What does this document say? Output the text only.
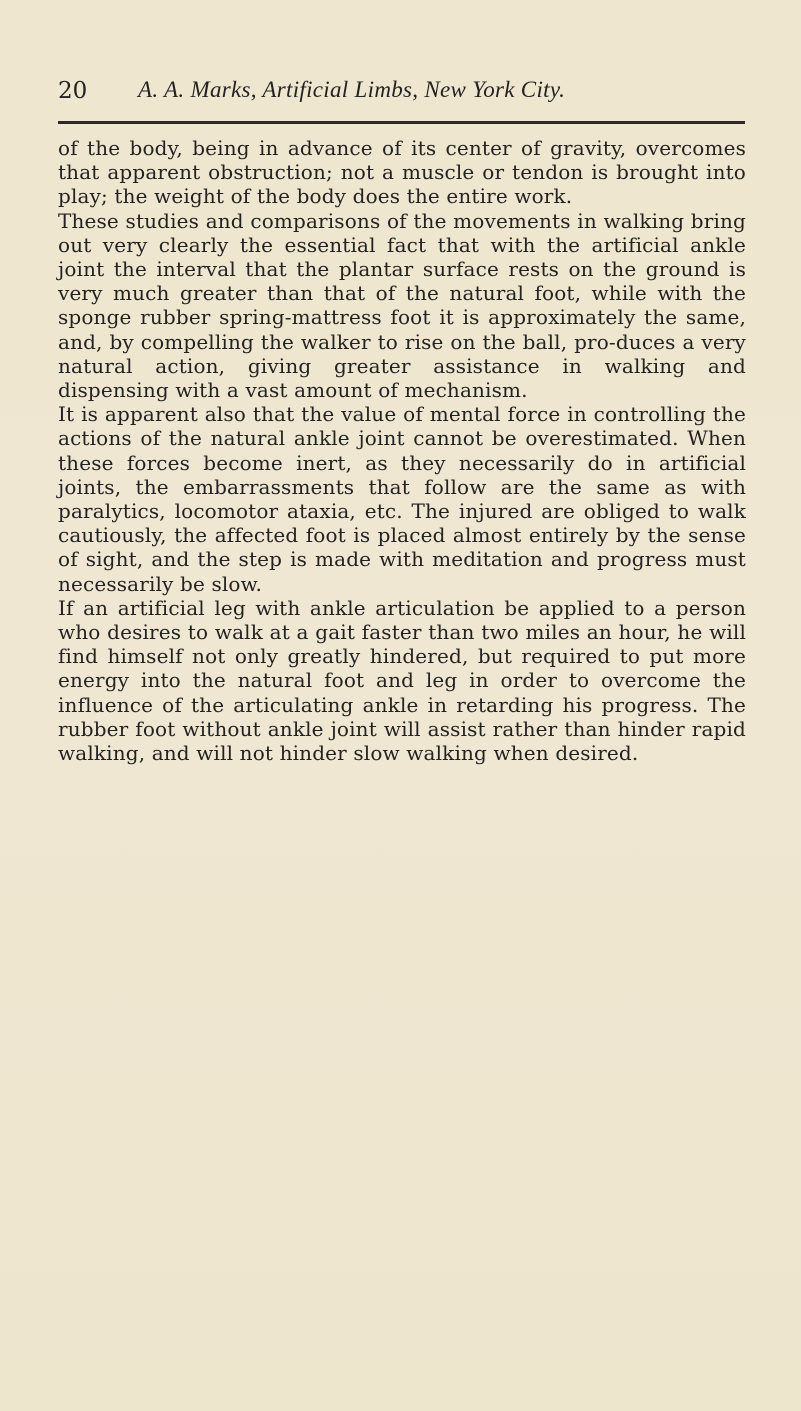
20 A. A. Marks, Artificial Limbs, New York City.

of the body, being in advance of its center of gravity, overcomes that apparent obstruction; not a muscle or tendon is brought into play; the weight of the body does the entire work.

These studies and comparisons of the movements in walking bring out very clearly the essential fact that with the artificial ankle joint the interval that the plantar surface rests on the ground is very much greater than that of the natural foot, while with the sponge rubber spring-mattress foot it is approximately the same, and, by compelling the walker to rise on the ball, pro-duces a very natural action, giving greater assistance in walking and dispensing with a vast amount of mechanism.

It is apparent also that the value of mental force in controlling the actions of the natural ankle joint cannot be overestimated. When these forces become inert, as they necessarily do in artificial joints, the embarrassments that follow are the same as with paralytics, locomotor ataxia, etc. The injured are obliged to walk cautiously, the affected foot is placed almost entirely by the sense of sight, and the step is made with meditation and progress must necessarily be slow.

If an artificial leg with ankle articulation be applied to a person who desires to walk at a gait faster than two miles an hour, he will find himself not only greatly hindered, but required to put more energy into the natural foot and leg in order to overcome the influence of the articulating ankle in retarding his progress. The rubber foot without ankle joint will assist rather than hinder rapid walking, and will not hinder slow walking when desired.
